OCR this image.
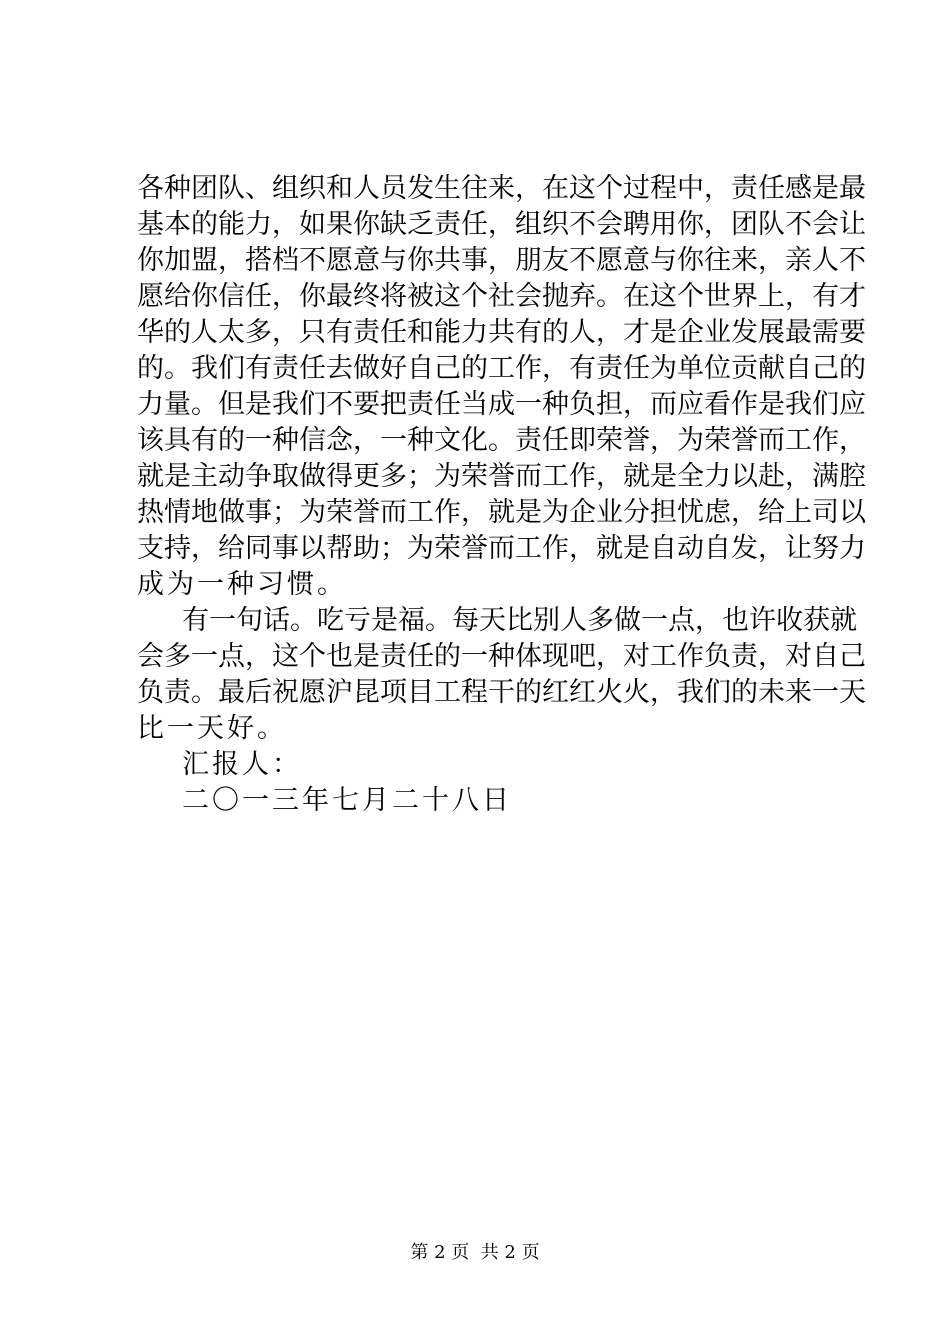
各种团队、组织和人员发生往来，在这个过程中，责任感是最
基本的能力，如果你缺乏责任，组织不会聘用你，团队不会让
你加盟，搭档不愿意与你共事，朋友不愿意与你往来，亲人不
愿给你信任，你最终将被这个社会抛弃。在这个世界上，有才
华的人太多，只有责任和能力共有的人，才是企业发展最需要
的。我们有责任去做好自己的工作，有责任为单位贡献自己的
力量。但是我们不要把责任当成一种负担，而应看作是我们应
该具有的一种信念，一种文化。责任即荣誉，为荣誉而工作，
就是主动争取做得更多；为荣誉而工作，就是全力以赴，满腔
热情地做事；为荣誉而工作，就是为企业分担忧虑，给上司以
支持，给同事以帮助；为荣誉而工作，就是自动自发，让努力
成为一种习惯。
有一句话。吃亏是福。每天比别人多做一点，也许收获就
会多一点，这个也是责任的一种体现吧，对工作负责，对自己
负责。最后祝愿沪昆项目工程干的红红火火，我们的未来一天
比一天好。
汇报人：
二〇一三年七月二十八日
第 2 页  共 2 页
